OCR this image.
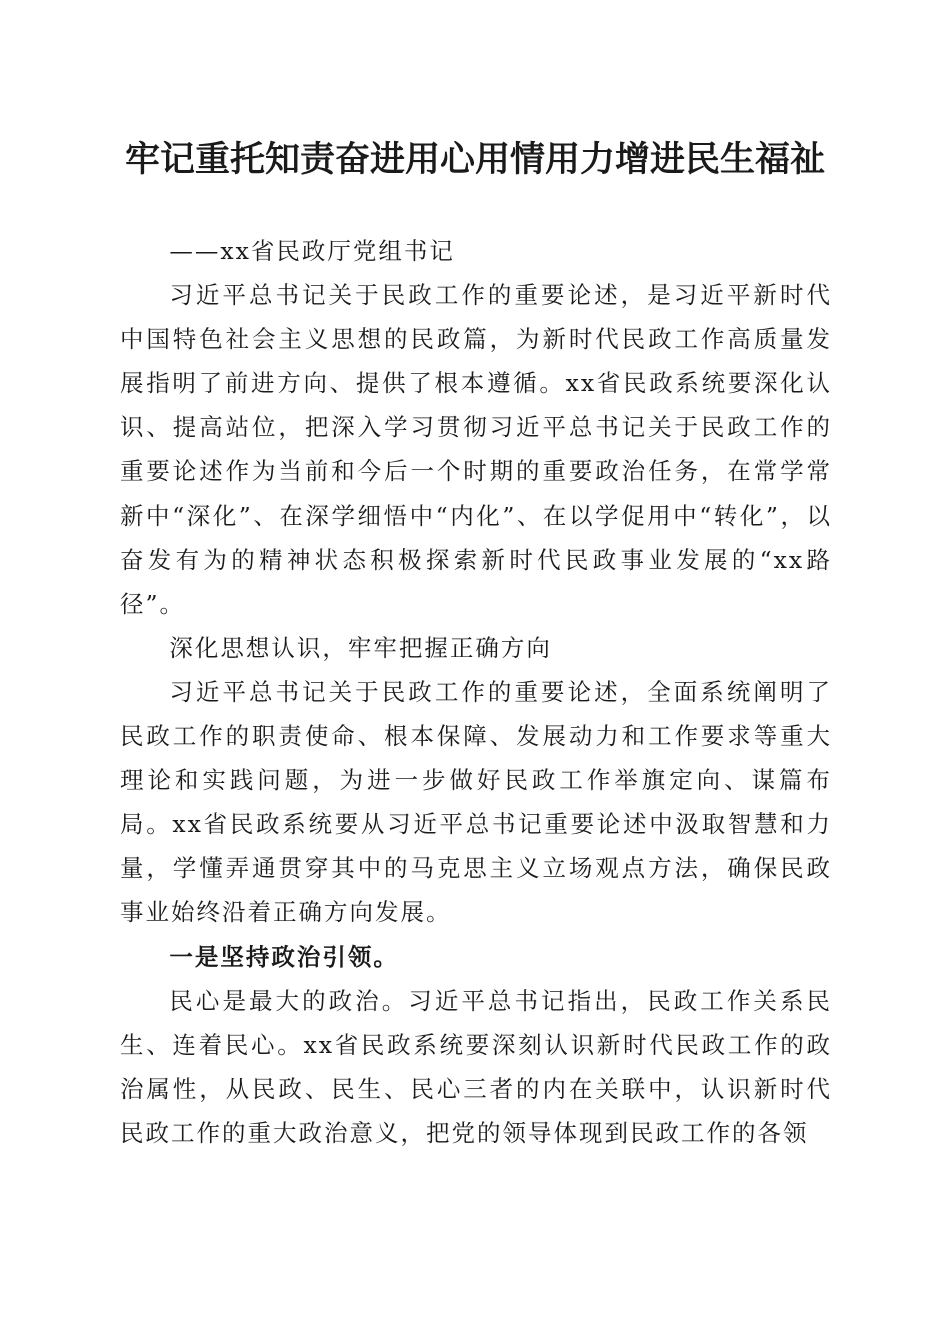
牢记重托知责奋进用心用情用力增进民生福祉

——xx省民政厅党组书记

习近平总书记关于民政工作的重要论述，是习近平新时代中国特色社会主义思想的民政篇，为新时代民政工作高质量发展指明了前进方向、提供了根本遵循。xx省民政系统要深化认识、提高站位，把深入学习贯彻习近平总书记关于民政工作的重要论述作为当前和今后一个时期的重要政治任务，在常学常新中“深化”、在深学细悟中“内化”、在以学促用中“转化”，以奋发有为的精神状态积极探索新时代民政事业发展的“xx路径”。

深化思想认识，牢牢把握正确方向

习近平总书记关于民政工作的重要论述，全面系统阐明了民政工作的职责使命、根本保障、发展动力和工作要求等重大理论和实践问题，为进一步做好民政工作举旗定向、谋篇布局。xx省民政系统要从习近平总书记重要论述中汲取智慧和力量，学懂弄通贯穿其中的马克思主义立场观点方法，确保民政事业始终沿着正确方向发展。

一是坚持政治引领。

民心是最大的政治。习近平总书记指出，民政工作关系民生、连着民心。xx省民政系统要深刻认识新时代民政工作的政治属性，从民政、民生、民心三者的内在关联中，认识新时代民政工作的重大政治意义，把党的领导体现到民政工作的各领
